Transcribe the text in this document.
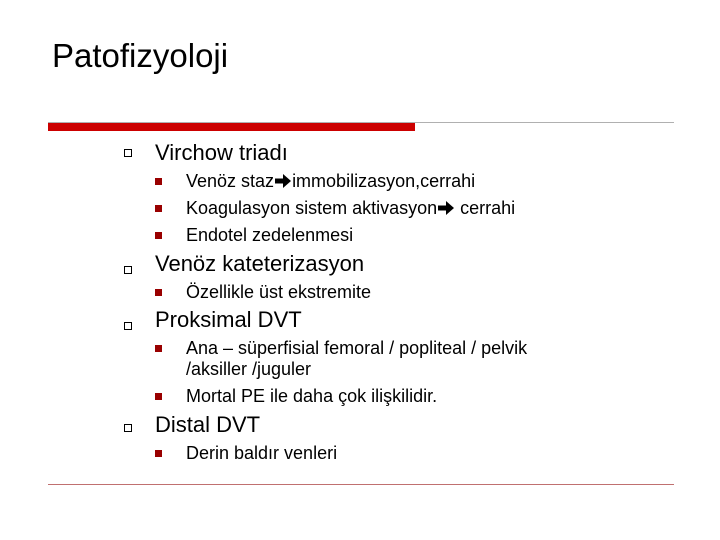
Patofizyoloji
Virchow triadı
Venöz staz immobilizasyon,cerrahi
Koagulasyon sistem aktivasyon cerrahi
Endotel zedelenmesi
Venöz kateterizasyon
Özellikle üst ekstremite
Proksimal DVT
Ana – süperfisial femoral / popliteal / pelvik
/aksiller /juguler
Mortal PE ile daha çok ilişkilidir.
Distal DVT
Derin baldır venleri
